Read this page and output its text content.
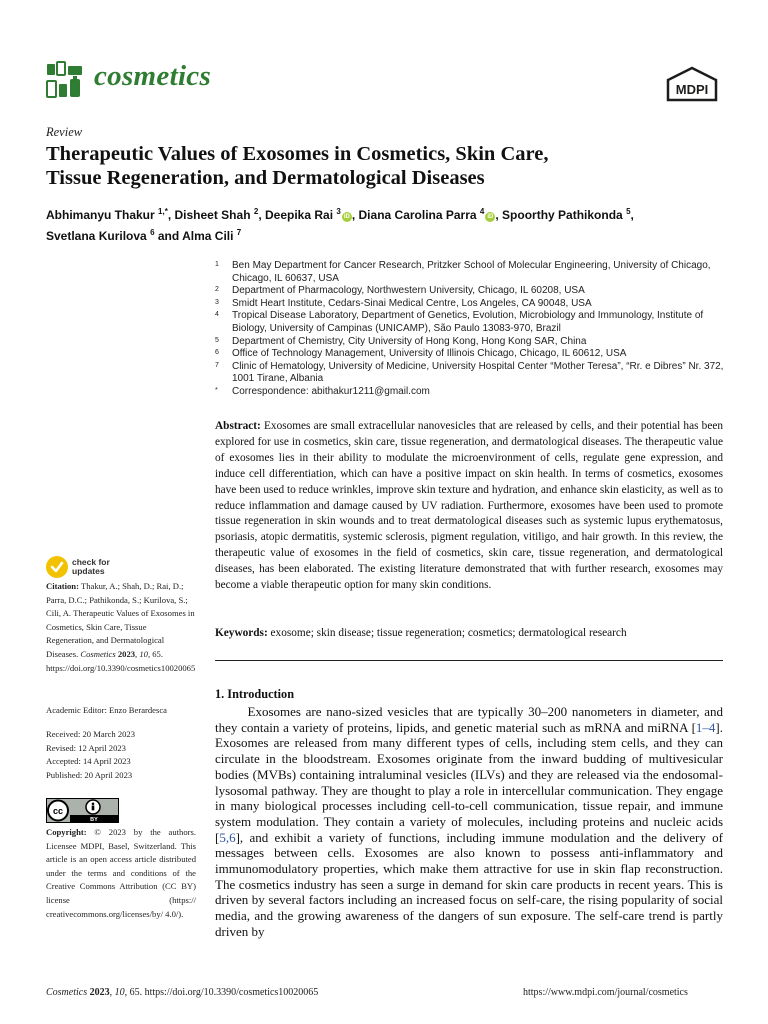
cosmetics	MDPI
Review
Therapeutic Values of Exosomes in Cosmetics, Skin Care,
Tissue Regeneration, and Dermatological Diseases
Abhimanyu Thakur $^{1,*}$, Disheet Shah $^2$, Deepika Rai $^3$iD , Diana Carolina Parra $^4$iD , Spoorthy Pathikonda $^5$,
Svetlana Kurilova $^6$ and Alma Cili $^7$
1	Ben May Department for Cancer Research, Pritzker School of Molecular Engineering, University of Chicago, Chicago, IL 60637, USA
2	Department of Pharmacology, Northwestern University, Chicago, IL 60208, USA
3	Smidt Heart Institute, Cedars-Sinai Medical Centre, Los Angeles, CA 90048, USA
4	Tropical Disease Laboratory, Department of Genetics, Evolution, Microbiology and Immunology, Institute of Biology, University of Campinas (UNICAMP), São Paulo 13083-970, Brazil
5	Department of Chemistry, City University of Hong Kong, Hong Kong SAR, China
6	Office of Technology Management, University of Illinois Chicago, Chicago, IL 60612, USA
7	Clinic of Hematology, University of Medicine, University Hospital Center “Mother Teresa”, “Rr. e Dibres” Nr. 372, 1001 Tirane, Albania
*	Correspondence: abithakur1211@gmail.com
Abstract: Exosomes are small extracellular nanovesicles that are released by cells, and their potential has been explored for use in cosmetics, skin care, tissue regeneration, and dermatological diseases. The therapeutic value of exosomes lies in their ability to modulate the microenvironment of cells, regulate gene expression, and induce cell differentiation, which can have a positive impact on skin health. In terms of cosmetics, exosomes have been used to reduce wrinkles, improve skin texture and hydration, and enhance skin elasticity, as well as to reduce inflammation and damage caused by UV radiation. Furthermore, exosomes have been used to promote tissue regeneration in skin wounds and to treat dermatological diseases such as systemic lupus erythematosus, psoriasis, atopic dermatitis, systemic sclerosis, pigment regulation, vitiligo, and hair growth. In this review, the therapeutic value of exosomes in the field of cosmetics, skin care, tissue regeneration, and dermatological diseases, has been elaborated. The existing literature demonstrated that with further research, exosomes may become a viable therapeutic option for many skin conditions.
Keywords: exosome; skin disease; tissue regeneration; cosmetics; dermatological research
1. Introduction
   Exosomes are nano-sized vesicles that are typically 30–200 nanometers in diameter, and they contain a variety of proteins, lipids, and genetic material such as mRNA and miRNA [1–4]. Exosomes are released from many different types of cells, including stem cells, and they can circulate in the bloodstream. Exosomes originate from the inward budding of multivesicular bodies (MVBs) containing intraluminal vesicles (ILVs) and they are released via the endosomal-lysosomal pathway. They are thought to play a role in intercellular communication. They engage in many biological processes including cell-to-cell communication, tissue repair, and immune system modulation. They contain a variety of molecules, including proteins and nucleic acids [5,6], and exhibit a variety of functions, including immune modulation and the delivery of messages between cells. Exosomes are also known to possess anti-inflammatory and immunomodulatory properties, which make them attractive for use in skin flap reconstruction. The cosmetics industry has seen a surge in demand for skin care products in recent years. This is driven by several factors including an increased focus on self-care, the rising popularity of social media, and the growing awareness of the dangers of sun exposure. The self-care trend is partly driven by
check for
updates
Citation: Thakur, A.; Shah, D.; Rai, D.; Parra, D.C.; Pathikonda, S.; Kurilova, S.; Cili, A. Therapeutic Values of Exosomes in Cosmetics, Skin Care, Tissue Regeneration, and Dermatological Diseases. Cosmetics 2023, 10, 65. https://doi.org/10.3390/cosmetics10020065
Academic Editor: Enzo Berardesca
Received: 20 March 2023
Revised: 12 April 2023
Accepted: 14 April 2023
Published: 20 April 2023
cc
BY
Copyright: © 2023 by the authors. Licensee MDPI, Basel, Switzerland. This article is an open access article distributed under the terms and conditions of the Creative Commons Attribution (CC BY) license (https:// creativecommons.org/licenses/by/ 4.0/).
Cosmetics 2023, 10, 65. https://doi.org/10.3390/cosmetics10020065	https://www.mdpi.com/journal/cosmetics
